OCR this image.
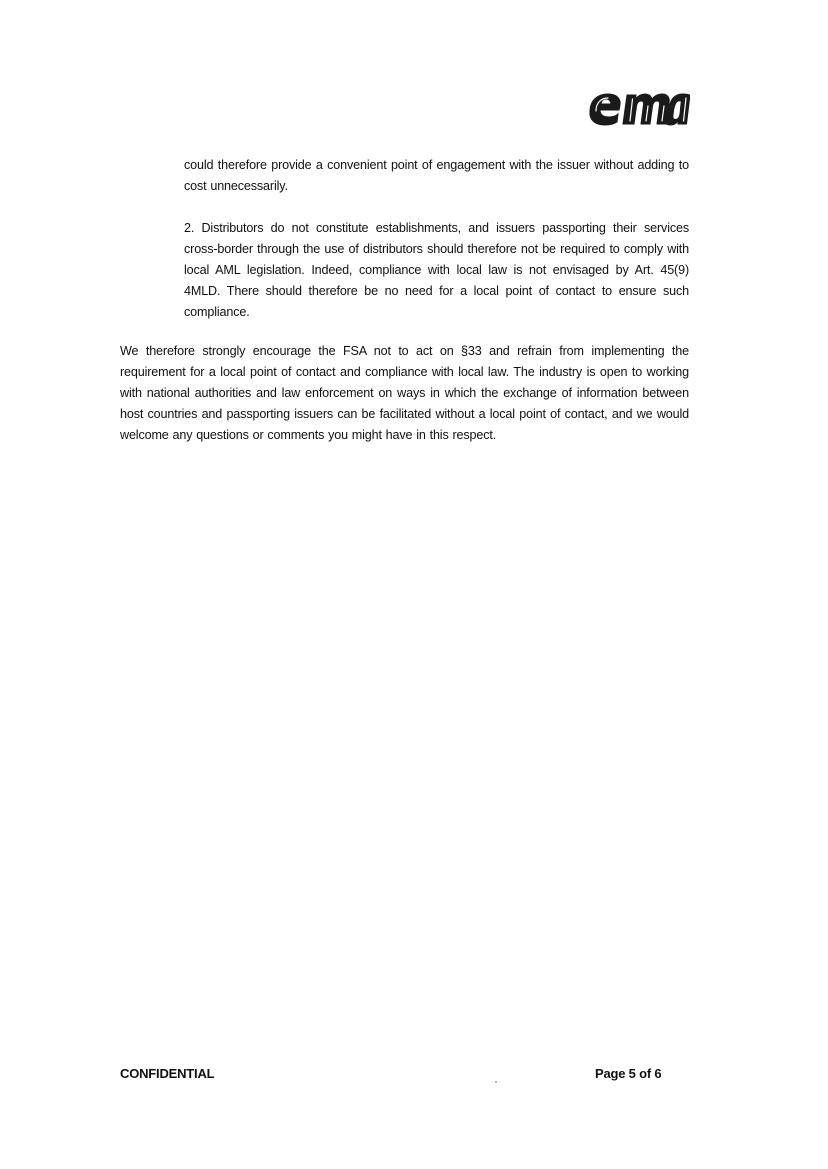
could therefore provide a convenient point of engagement with the issuer without adding to cost unnecessarily.

2. Distributors do not constitute establishments, and issuers passporting their services cross-border through the use of distributors should therefore not be required to comply with local AML legislation. Indeed, compliance with local law is not envisaged by Art. 45(9) 4MLD. There should therefore be no need for a local point of contact to ensure such compliance.

We therefore strongly encourage the FSA not to act on §33 and refrain from implementing the requirement for a local point of contact and compliance with local law. The industry is open to working with national authorities and law enforcement on ways in which the exchange of information between host countries and passporting issuers can be facilitated without a local point of contact, and we would welcome any questions or comments you might have in this respect.

CONFIDENTIAL	Page 5 of 6
